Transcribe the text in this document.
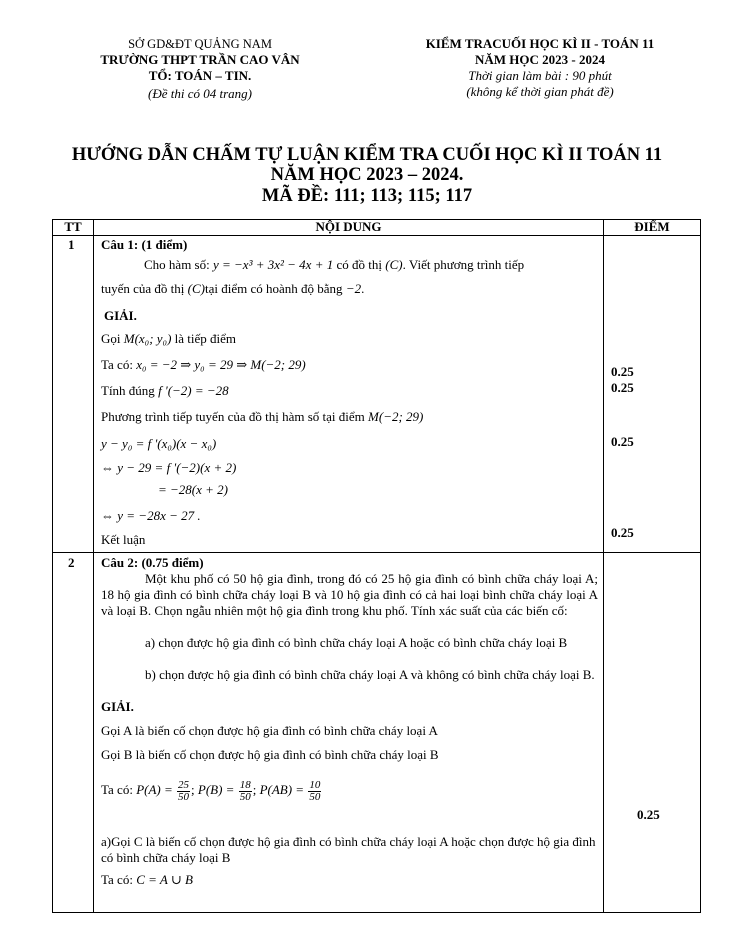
SỞ GD&ĐT QUẢNG NAM
TRƯỜNG THPT TRẦN CAO VÂN
TỔ: TOÁN – TIN.
(Đề thi có 04 trang)
KIỂM TRACUỐI HỌC KÌ II - TOÁN 11
NĂM HỌC 2023 - 2024
Thời gian làm bài : 90 phút
(không kể thời gian phát đề)
HƯỚNG DẪN CHẤM TỰ LUẬN KIỂM TRA CUỐI HỌC KÌ II TOÁN 11
NĂM HỌC 2023 – 2024.
MÃ ĐỀ: 111; 113; 115; 117
TT	NỘI DUNG	ĐIỂM
1 Câu 1: (1 điểm)
Cho hàm số: y = −x³ + 3x² − 4x + 1 có đồ thị (C). Viết phương trình tiếp
tuyến của đồ thị (C)tại điểm có hoành độ bằng −2.
GIẢI.
Gọi M(x₀; y₀) là tiếp điểm
Ta có: x₀ = −2 ⇒ y₀ = 29 ⇒ M(−2; 29)
Tính đúng f '(−2) = −28
Phương trình tiếp tuyến của đồ thị hàm số tại điểm M(−2; 29)
y − y₀ = f '(x₀)(x − x₀)
⇔ y − 29 = f '(−2)(x + 2)
= −28(x + 2)
⇔ y = −28x − 27 .
Kết luận
0.25
0.25
0.25
0.25
2 Câu 2: (0.75 điểm)
Một khu phố có 50 hộ gia đình, trong đó có 25 hộ gia đình có bình chữa cháy loại A; 18 hộ gia đình có bình chữa cháy loại B và 10 hộ gia đình có cả hai loại bình chữa cháy loại A và loại B. Chọn ngẫu nhiên một hộ gia đình trong khu phố. Tính xác suất của các biến cố:
a) chọn được hộ gia đình có bình chữa cháy loại A hoặc có bình chữa cháy loại B
b) chọn được hộ gia đình có bình chữa cháy loại A và không có bình chữa cháy loại B.
GIẢI.
Gọi A là biến cố chọn được hộ gia đình có bình chữa cháy loại A
Gọi B là biến cố chọn được hộ gia đình có bình chữa cháy loại B
Ta có: $P(A) = \frac{25}{50}$ ; $P(B) = \frac{18}{50}$ ; $P(AB) = \frac{10}{50}$
a)Gọi C là biến cố chọn được hộ gia đình có bình chữa cháy loại A hoặc chọn được hộ gia đình có bình chữa cháy loại B
Ta có: C = A ∪ B
0.25
